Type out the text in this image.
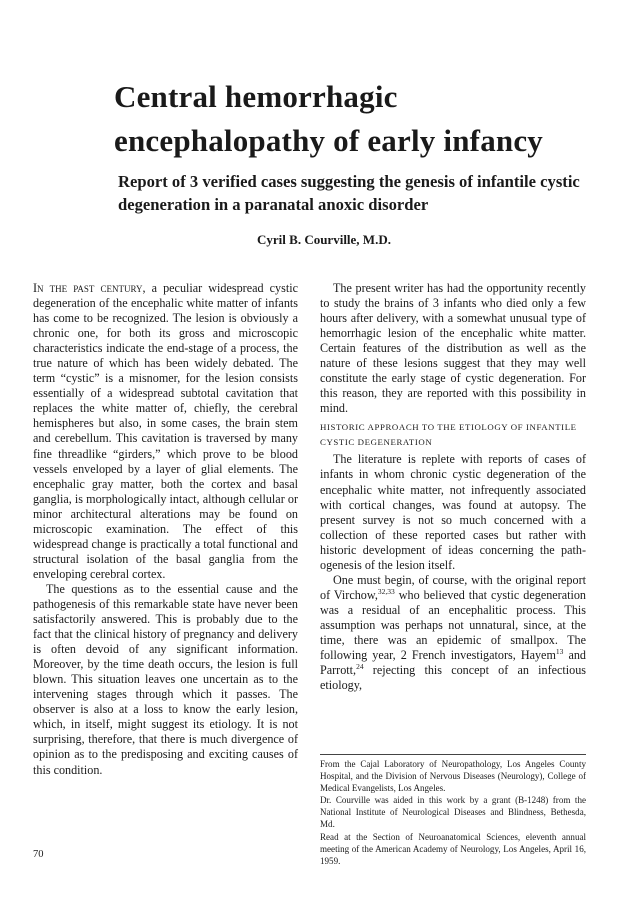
Central hemorrhagic encephalopathy of early infancy
Report of 3 verified cases suggesting the genesis of infantile cystic degeneration in a paranatal anoxic disorder
Cyril B. Courville, M.D.

In the past century, a peculiar widespread cystic degeneration of the encephalic white matter of infants has come to be recognized. The lesion is obviously a chronic one, for both its gross and microscopic characteristics indicate the end-stage of a process, the true nature of which has been widely debated. The term “cystic” is a misnomer, for the lesion consists essentially of a widespread subtotal cavitation that replaces the white matter of, chiefly, the cerebral hemispheres but also, in some cases, the brain stem and cerebellum. This cavitation is traversed by many fine threadlike “girders,” which prove to be blood vessels enveloped by a layer of glial elements. The encephalic gray matter, both the cortex and basal ganglia, is morphologically intact, although cellular or minor architectural alterations may be found on microscopic examination. The effect of this widespread change is practically a total functional and structural isolation of the basal ganglia from the enveloping cerebral cortex.

The questions as to the essential cause and the pathogenesis of this remarkable state have never been satisfactorily answered. This is probably due to the fact that the clinical history of pregnancy and delivery is often devoid of any significant information. Moreover, by the time death occurs, the lesion is full blown. This situation leaves one uncertain as to the intervening stages through which it passes. The observer is also at a loss to know the early lesion, which, in itself, might suggest its etiology. It is not surprising, therefore, that there is much divergence of opinion as to the predisposing and exciting causes of this condition.

The present writer has had the opportunity recently to study the brains of 3 infants who died only a few hours after delivery, with a somewhat unusual type of hemorrhagic lesion of the encephalic white matter. Certain features of the distribution as well as the nature of these lesions suggest that they may well constitute the early stage of cystic degeneration. For this reason, they are reported with this possibility in mind.

HISTORIC APPROACH TO THE ETIOLOGY OF INFANTILE CYSTIC DEGENERATION

The literature is replete with reports of cases of infants in whom chronic cystic degeneration of the encephalic white matter, not infrequently associated with cortical changes, was found at autopsy. The present survey is not so much concerned with a collection of these reported cases but rather with historic development of ideas concerning the pathogenesis of the lesion itself.

One must begin, of course, with the original report of Virchow,$^{32,33}$ who believed that cystic degeneration was a residual of an encephalitic process. This assumption was perhaps not unnatural, since, at the time, there was an epidemic of smallpox. The following year, 2 French investigators, Hayem$^{13}$ and Parrott,$^{24}$ rejecting this concept of an infectious etiology,

From the Cajal Laboratory of Neuropathology, Los Angeles County Hospital, and the Division of Nervous Diseases (Neurology), College of Medical Evangelists, Los Angeles.

Dr. Courville was aided in this work by a grant (B-1248) from the National Institute of Neurological Diseases and Blindness, Bethesda, Md.

Read at the Section of Neuroanatomical Sciences, eleventh annual meeting of the American Academy of Neurology, Los Angeles, April 16, 1959.

70
